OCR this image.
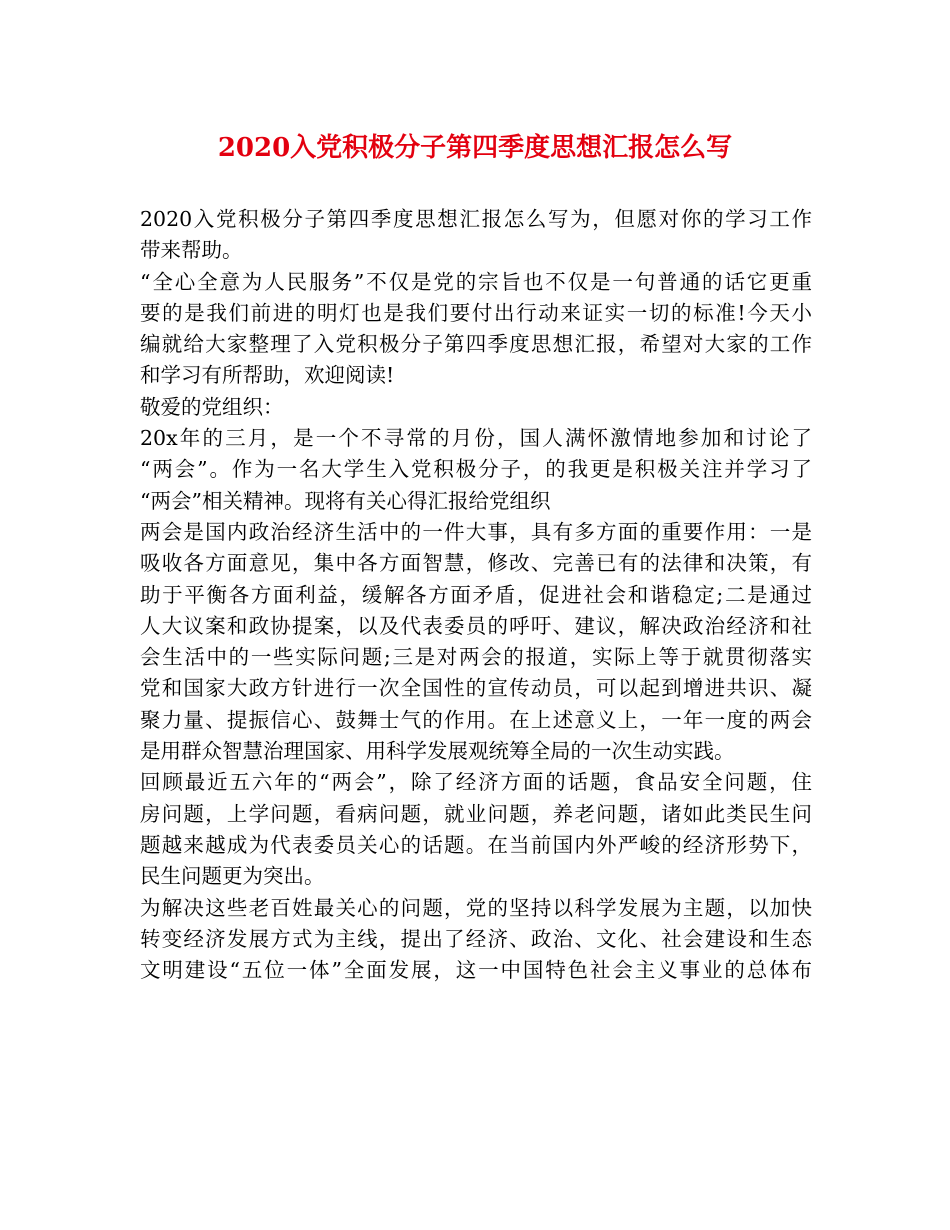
2020入党积极分子第四季度思想汇报怎么写
2020入党积极分子第四季度思想汇报怎么写为，但愿对你的学习工作
带来帮助。
“全心全意为人民服务”不仅是党的宗旨也不仅是一句普通的话它更重
要的是我们前进的明灯也是我们要付出行动来证实一切的标准!今天小
编就给大家整理了入党积极分子第四季度思想汇报，希望对大家的工作
和学习有所帮助，欢迎阅读!
敬爱的党组织：
20x年的三月，是一个不寻常的月份，国人满怀激情地参加和讨论了
“两会”。作为一名大学生入党积极分子，的我更是积极关注并学习了
“两会”相关精神。现将有关心得汇报给党组织
两会是国内政治经济生活中的一件大事，具有多方面的重要作用：一是
吸收各方面意见，集中各方面智慧，修改、完善已有的法律和决策，有
助于平衡各方面利益，缓解各方面矛盾，促进社会和谐稳定;二是通过
人大议案和政协提案，以及代表委员的呼吁、建议，解决政治经济和社
会生活中的一些实际问题;三是对两会的报道，实际上等于就贯彻落实
党和国家大政方针进行一次全国性的宣传动员，可以起到增进共识、凝
聚力量、提振信心、鼓舞士气的作用。在上述意义上，一年一度的两会
是用群众智慧治理国家、用科学发展观统筹全局的一次生动实践。
回顾最近五六年的“两会”，除了经济方面的话题，食品安全问题，住
房问题，上学问题，看病问题，就业问题，养老问题，诸如此类民生问
题越来越成为代表委员关心的话题。在当前国内外严峻的经济形势下，
民生问题更为突出。
为解决这些老百姓最关心的问题，党的坚持以科学发展为主题，以加快
转变经济发展方式为主线，提出了经济、政治、文化、社会建设和生态
文明建设“五位一体”全面发展，这一中国特色社会主义事业的总体布
